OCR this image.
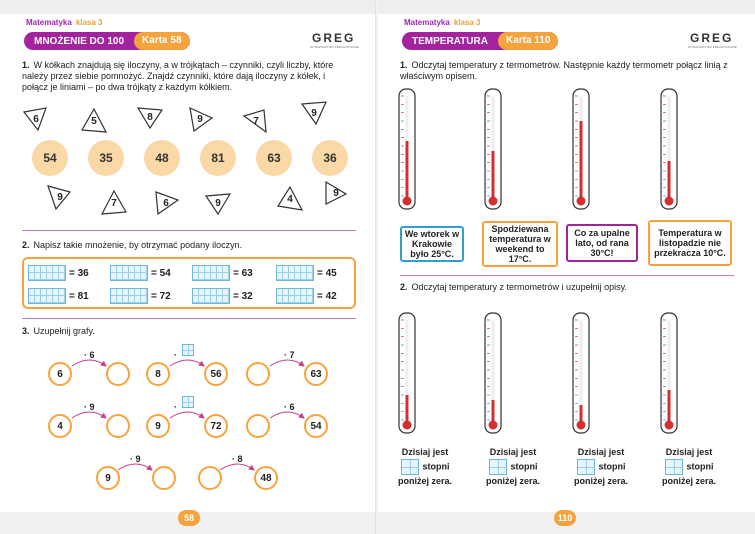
Matematyka klasa 3
MNOŻENIE DO 100	Karta 58	GREG
WYDAWNICTWO PEDAGOGICZNE
1. W kółkach znajdują się iloczyny, a w trójkątach – czynniki, czyli liczby, które należy przez siebie pomnożyć. Znajdź czynniki, które dają iloczyny z kółek, i połącz je liniami – po dwa trójkąty z każdym kółkiem.
6	5	8	9	7
9
54	35	48	81	63	36
9
7	6	9	4
9
2. Napisz takie mnożenie, by otrzymać podany iloczyn.
= 36	= 54	= 63	= 45
= 81	= 72	= 32	= 42
3. Uzupełnij grafy.
· 6
6
·
8	56
· 7
63
· 9
4
·
9	72
· 6
54
· 9
9
· 8
48
58
Matematyka klasa 3
TEMPERATURA	Karta 110	GREG
WYDAWNICTWO PEDAGOGICZNE
1. Odczytaj temperatury z termometrów. Następnie każdy termometr połącz linią z właściwym opisem.
We wtorek w Krakowie było 25°C.
Spodziewana temperatura w weekend to 17°C.
Co za upalne lato, od rana 30°C!
Temperatura w listopadzie nie przekracza 10°C.
2. Odczytaj temperatury z termometrów i uzupełnij opisy.
Dzisiaj jest
stopni
poniżej zera.
Dzisiaj jest
stopni
poniżej zera.
Dzisiaj jest
stopni
poniżej zera.
Dzisiaj jest
stopni
poniżej zera.
110
